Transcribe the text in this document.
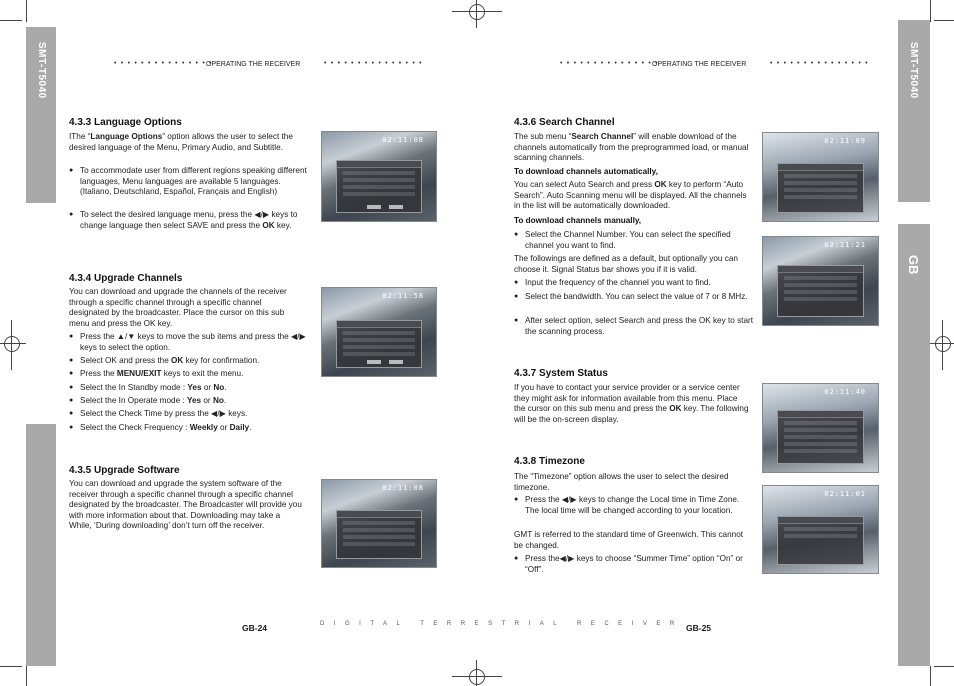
SMT-T5040	SMT-T5040
GB
• • • • • • • • • • • • • • •
OPERATING THE RECEIVER	• • • • • • • • • • • • • • •	• • • • • • • • • • • • • • •
OPERATING THE RECEIVER	• • • • • • • • • • • • • • •
4.3.3 Language Options
IThe “Language Options” option allows the user to select the desired language of the Menu, Primary Audio, and Subtitle.
● To accommodate user from different regions speaking different languages, Menu languages are available 5 languages. (Italiano, Deutschland, Español, Français and English)
● To select the desired language menu, press the ◀/▶ keys to change language then select SAVE and press the OK key.
02:11:08
4.3.4 Upgrade Channels
You can download and upgrade the channels of the receiver through a specific channel through a specific channel designated by the broadcaster. Place the cursor on this sub menu and press the OK key.
● Press the ▲/▼ keys to move the sub items and press the ◀/▶ keys to select the option.
● Select OK and press the OK key for confirmation.
● Press the MENU/EXIT keys to exit the menu.
● Select the In Standby mode : Yes or No.
● Select the In Operate mode : Yes or No.
● Select the Check Time by press the ◀/▶ keys.
● Select the Check Frequency : Weekly or Daily.
02:11:58
4.3.5 Upgrade Software
You can download and upgrade the system software of the receiver through a specific channel through a specific channel designated by the broadcaster. The Broadcaster will provide you with more information about that. Downloading may take a While, ‘During downloading’ don’t turn off the receiver.
02:11:08
GB-24	DIGITAL TERRESTRIAL RECEIVER
4.3.6 Search Channel
The sub menu “Search Channel” will enable download of the channels automatically from the preprogrammed load, or manual scanning channels.
To download channels automatically,
You can select Auto Search and press OK key to perform “Auto Search”. Auto Scanning menu will be displayed. All the channels in the list will be automatically downloaded.
To download channels manually,
● Select the Channel Number. You can select the specified channel you want to find.
The followings are defined as a default, but optionally you can choose it. Signal Status bar shows you if it is valid.
● Input the frequency of the channel you want to find.
● Select the bandwidth. You can select the value of 7 or 8 MHz.
● After select option, select Search and press the OK key to start the scanning process.
02:11:09
02:11:21
4.3.7 System Status
If you have to contact your service provider or a service center they might ask for information available from this menu. Place the cursor on this sub menu and press the OK key. The following will be the on-screen display.
02:11:40
4.3.8 Timezone
The “Timezone” option allows the user to select the desired timezone.
● Press the ◀/▶ keys to change the Local time in Time Zone. The local time will be changed according to your location.
GMT is referred to the standard time of Greenwich. This cannot be changed.
● Press the◀/▶ keys to choose “Summer Time” option “On” or “Off”.
02:11:01
GB-25
